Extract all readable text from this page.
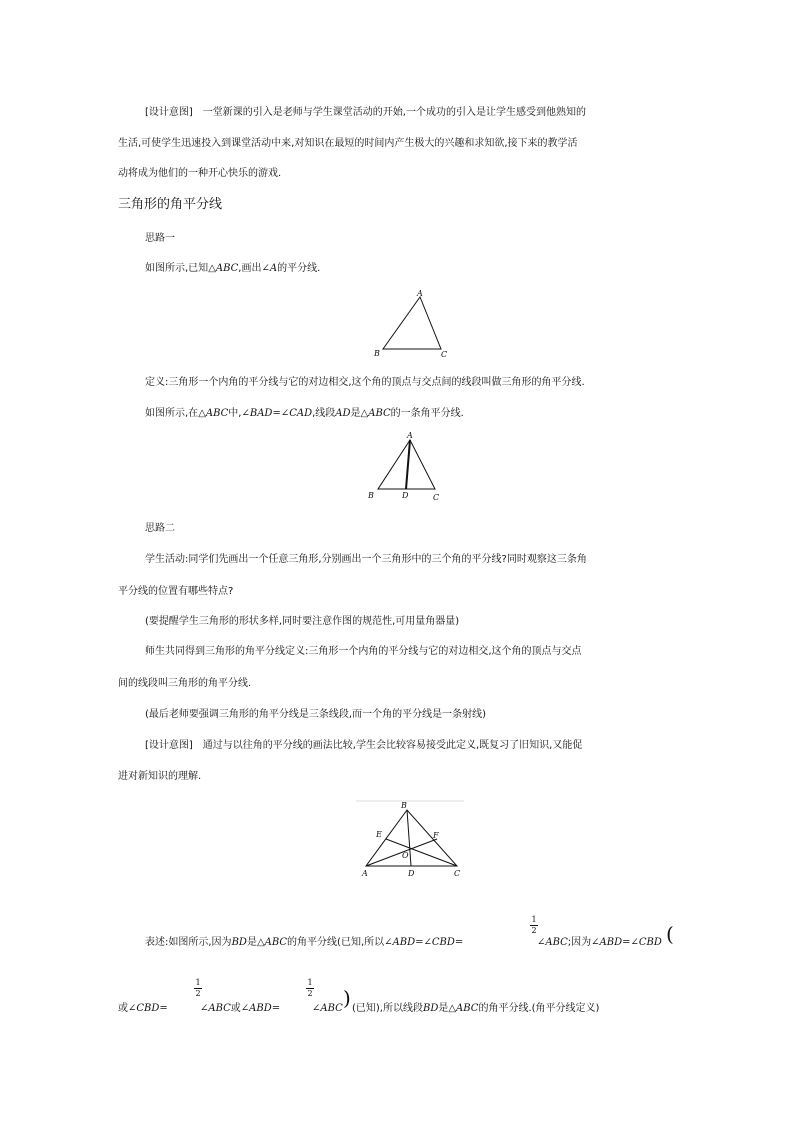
[设计意图]　一堂新课的引入是老师与学生课堂活动的开始,一个成功的引入是让学生感受到他熟知的
生活,可使学生迅速投入到课堂活动中来,对知识在最短的时间内产生极大的兴趣和求知欲,接下来的教学活
动将成为他们的一种开心快乐的游戏.
三角形的角平分线
思路一
如图所示,已知△ABC,画出∠A的平分线.
A
B	C
定义:三角形一个内角的平分线与它的对边相交,这个角的顶点与交点间的线段叫做三角形的角平分线.
如图所示,在△ABC中,∠BAD=∠CAD,线段AD是△ABC的一条角平分线.
A
B	D	C
思路二
学生活动:同学们先画出一个任意三角形,分别画出一个三角形中的三个角的平分线?同时观察这三条角
平分线的位置有哪些特点?
(要提醒学生三角形的形状多样,同时要注意作图的规范性,可用量角器量)
师生共同得到三角形的角平分线定义:三角形一个内角的平分线与它的对边相交,这个角的顶点与交点
间的线段叫三角形的角平分线.
(最后老师要强调三角形的角平分线是三条线段,而一个角的平分线是一条射线)
[设计意图]　通过与以往角的平分线的画法比较,学生会比较容易接受此定义,既复习了旧知识,又能促
进对新知识的理解.
B
E	F
O
A	D	C
表述:如图所示,因为BD是△ABC的角平分线(已知,所以∠ABD=∠CBD=
1
2
∠ABC;因为∠ABD=∠CBD (
或∠CBD=
1
2
∠ABC或∠ABD=
1
2
∠ABC ) (已知),所以线段BD是△ABC的角平分线.(角平分线定义)
